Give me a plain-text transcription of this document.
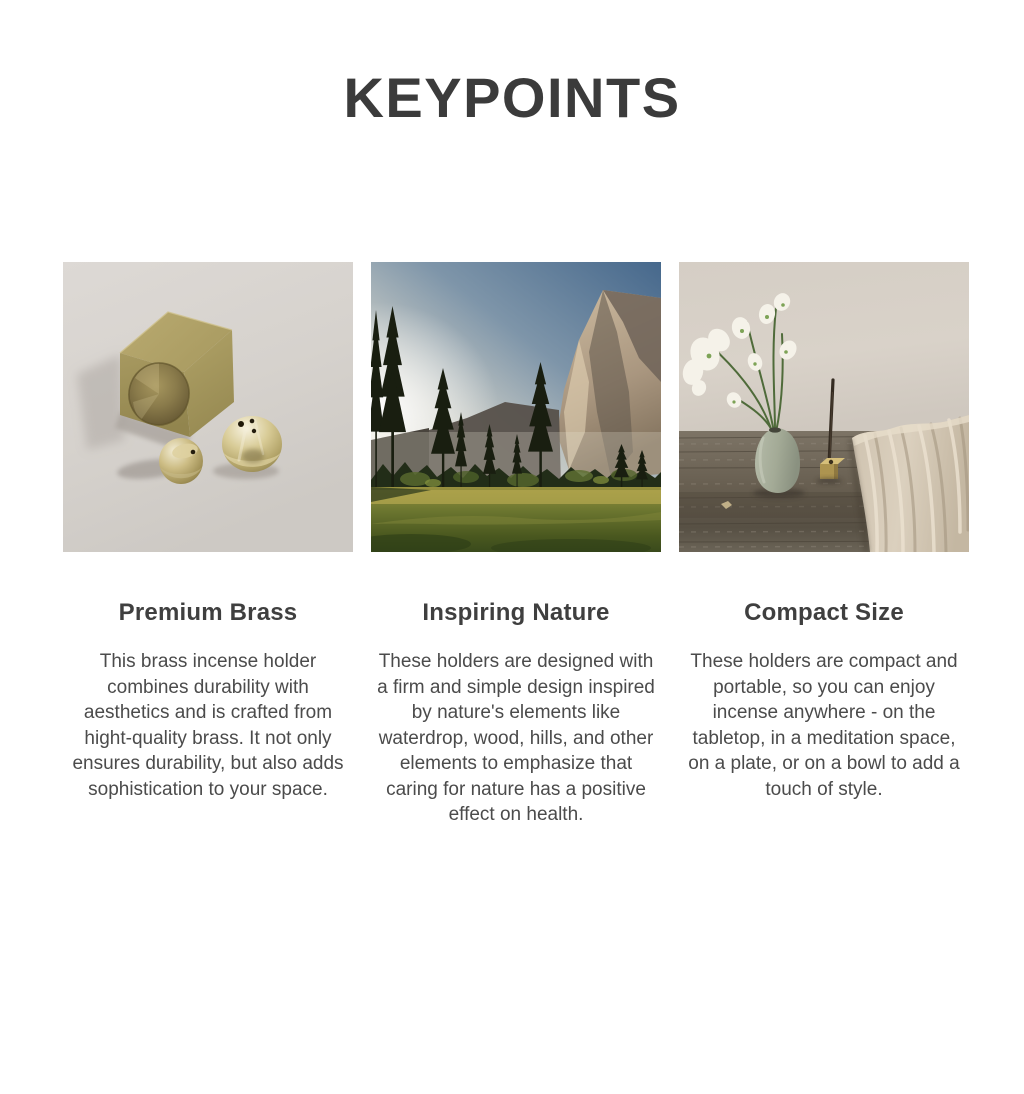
KEYPOINTS
Premium Brass

This brass incense holder combines durability with aesthetics and is crafted from hight-quality brass. It not only ensures durability, but also adds sophistication to your space.

Inspiring Nature

These holders are designed with a firm and simple design inspired by nature's elements like waterdrop, wood, hills, and other elements to emphasize that caring for nature has a positive effect on health.

Compact Size

These holders are compact and portable, so you can enjoy incense anywhere - on the tabletop, in a meditation space, on a plate, or on a bowl to add a touch of style.
